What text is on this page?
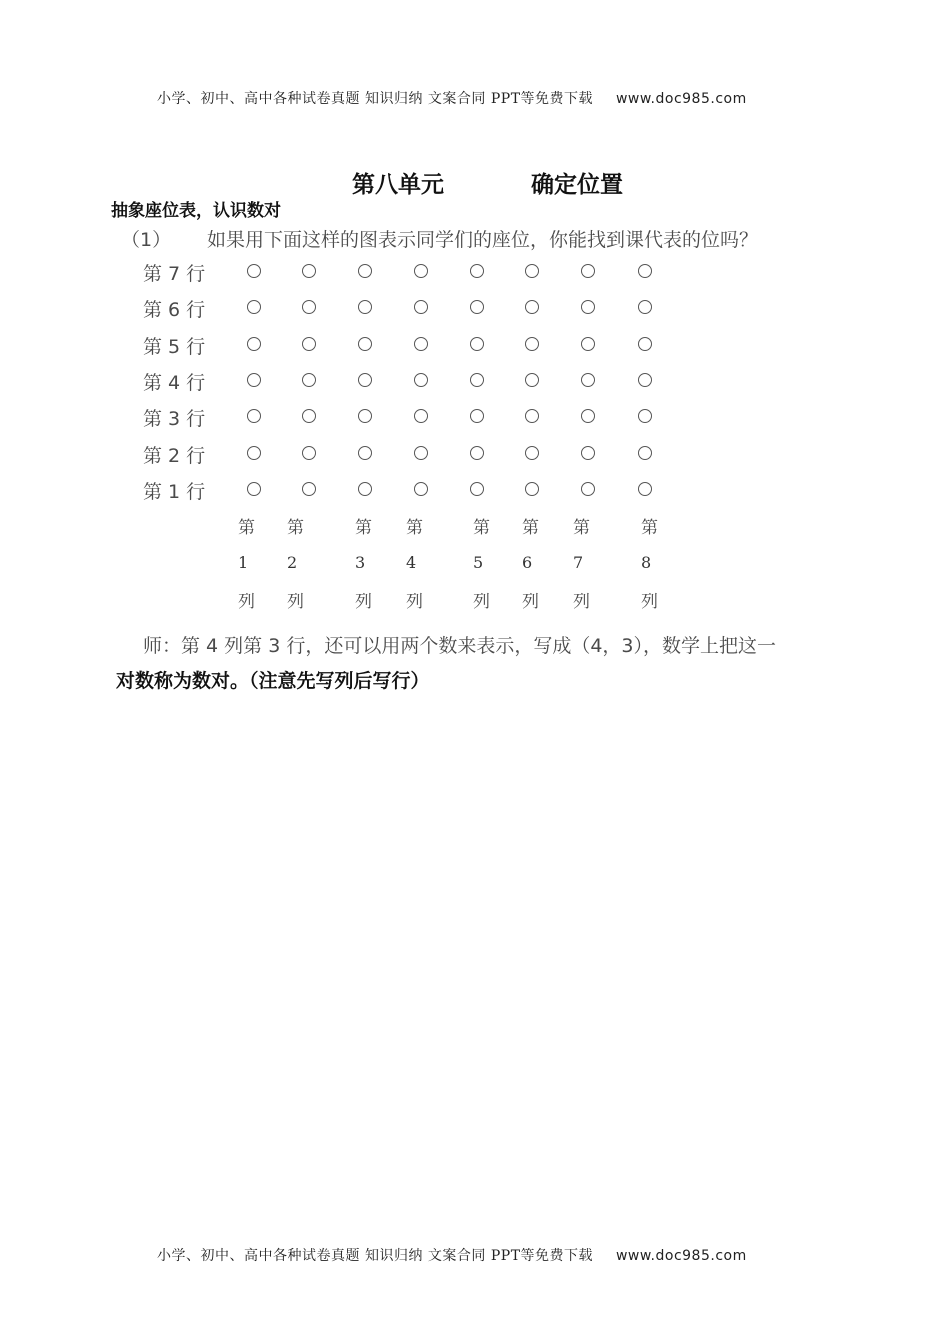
小学、初中、高中各种试卷真题 知识归纳 文案合同 PPT等免费下载 www.doc985.com
第八单元	确定位置
抽象座位表，认识数对
（1） 如果用下面这样的图表示同学们的座位，你能找到课代表的位吗？
第 7 行
第 6 行
第 5 行
第 4 行
第 3 行
第 2 行
第 1 行
第
1
列
第
2
列
第
3
列
第
4
列
第
5
列
第
6
列
第
7
列
第
8
列
师：第 4 列第 3 行，还可以用两个数来表示，写成（4，3），数学上把这一
对数称为数对。（注意先写列后写行）
小学、初中、高中各种试卷真题 知识归纳 文案合同 PPT等免费下载 www.doc985.com
